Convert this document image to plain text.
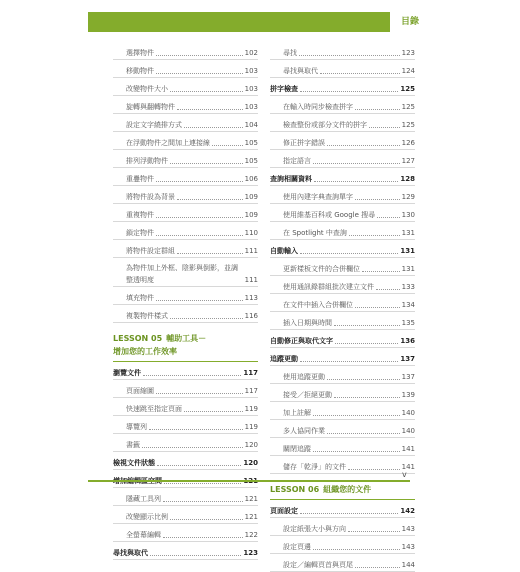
目錄
選擇物件	102
移動物件	103
改變物件大小	103
旋轉與翻轉物件	103
設定文字繞排方式	104
在浮動物件之間加上連接線	105
排列浮動物件	105
重疊物件	106
將物件設為背景	109
重複物件	109
鎖定物件	110
將物件設定群組	111
為物件加上外框、陰影與倒影，並調整透明度	111
填充物件	113
複製物件樣式	116
LESSON 05 輔助工具－
增加您的工作效率
瀏覽文件	117
頁面縮圖	117
快速跳至指定頁面	119
導覽列	119
書籤	120
檢視文件狀態	120
增加編輯區空間	121
隱藏工具列	121
改變顯示比例	121
全螢幕編輯	122
尋找與取代	123
尋找	123
尋找與取代	124
拼字檢查	125
在輸入時同步檢查拼字	125
檢查整份或部分文件的拼字	125
修正拼字錯誤	126
指定語言	127
查詢相關資料	128
使用內建字典查詢單字	129
使用維基百科或 Google 搜尋	130
在 Spotlight 中查詢	131
自動輸入	131
更新樣板文件的合併欄位	131
使用通訊錄群組批次建立文件	133
在文件中插入合併欄位	134
插入日期與時間	135
自動修正與取代文字	136
追蹤更動	137
使用追蹤更動	137
接受／拒絕更動	139
加上註解	140
多人協同作業	140
關閉追蹤	141
儲存「乾淨」的文件	141
LESSON 06 組織您的文件
頁面設定	142
設定紙張大小與方向	143
設定頁邊	143
設定／編輯頁首與頁尾	144
v
